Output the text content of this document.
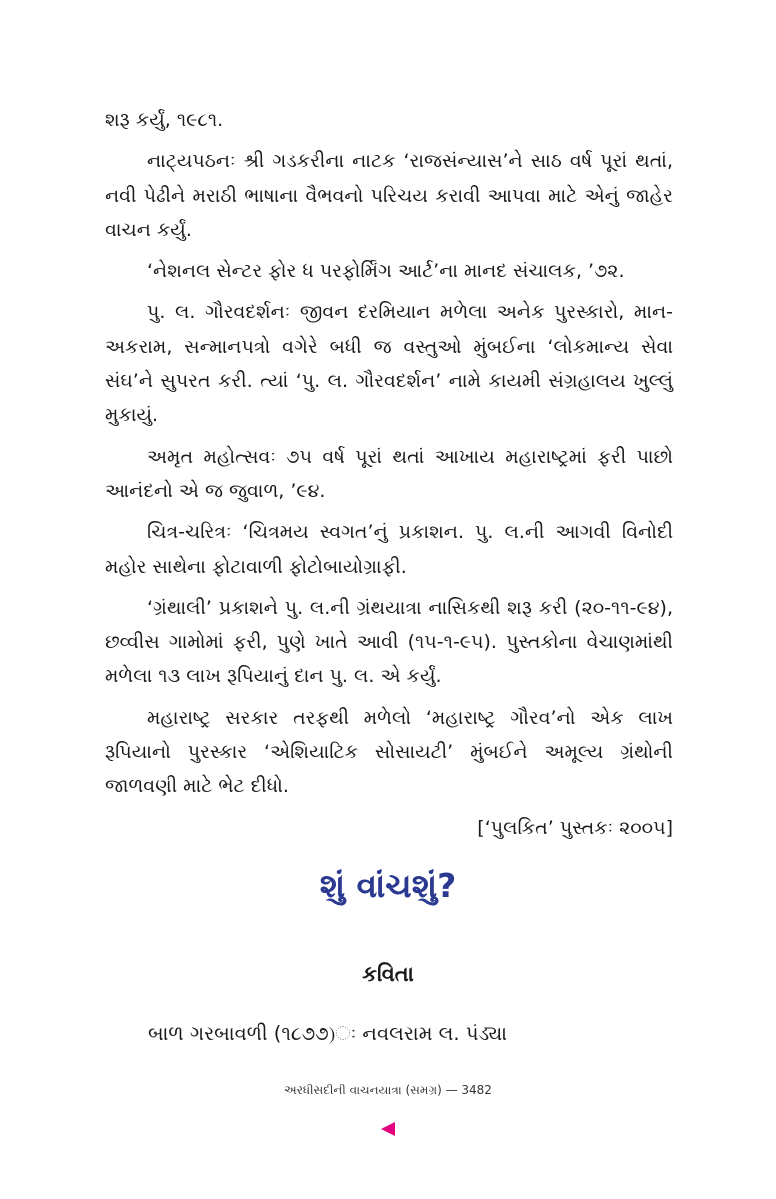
શરૂ કર્યું, ૧૯૮૧.

નાટ્યપઠનઃ શ્રી ગડકરીના નાટક ‘રાજસંન્યાસ’ને સાઠ વર્ષ પૂરાં થતાં, નવી પેઢીને મરાઠી ભાષાના વૈભવનો પરિચય કરાવી આપવા માટે એનું જાહેર વાચન કર્યું.

‘નેશનલ સેન્ટર ફોર ધ પરફોર્મિંગ આર્ટ’ના માનદ સંચાલક, ’૭૨.

પુ. લ. ગૌરવદર્શનઃ જીવન દરમિયાન મળેલા અનેક પુરસ્કારો, માન-અકરામ, સન્માનપત્રો વગેરે બધી જ વસ્તુઓ મુંબઈના ‘લોકમાન્ય સેવા સંઘ’ને સુપરત કરી. ત્યાં ‘પુ. લ. ગૌરવદર્શન’ નામે કાયમી સંગ્રહાલય ખુલ્લું મુકાયું.

અમૃત મહોત્સવઃ ૭૫ વર્ષ પૂરાં થતાં આખાય મહારાષ્ટ્રમાં ફરી પાછો આનંદનો એ જ જુવાળ, ’૯૪.

ચિત્ર-ચરિત્રઃ ‘ચિત્રમય સ્વગત’નું પ્રકાશન. પુ. લ.ની આગવી વિનોદી મહોર સાથેના ફોટાવાળી ફોટોબાયોગ્રાફી.

‘ગ્રંથાલી’ પ્રકાશને પુ. લ.ની ગ્રંથયાત્રા નાસિકથી શરૂ કરી (૨૦-૧૧-૯૪), છવ્વીસ ગામોમાં ફરી, પુણે ખાતે આવી (૧૫-૧-૯૫). પુસ્તકોના વેચાણમાંથી મળેલા ૧૩ લાખ રૂપિયાનું દાન પુ. લ. એ કર્યું.

મહારાષ્ટ્ર સરકાર તરફથી મળેલો ‘મહારાષ્ટ્ર ગૌરવ’નો એક લાખ રૂપિયાનો પુરસ્કાર ‘એશિયાટિક સોસાયટી’ મુંબઈને અમૂલ્ય ગ્રંથોની જાળવણી માટે ભેટ દીધો.

[‘પુલકિત’ પુસ્તકઃ ૨૦૦૫]

શું વાંચશું?
કવિતા

બાળ ગરબાવળી (૧૮૭૭)ઃ નવલરામ લ. પંડ્યા

અરધીસદીની વાચનયાત્રા (સમગ્ર) — 3482
